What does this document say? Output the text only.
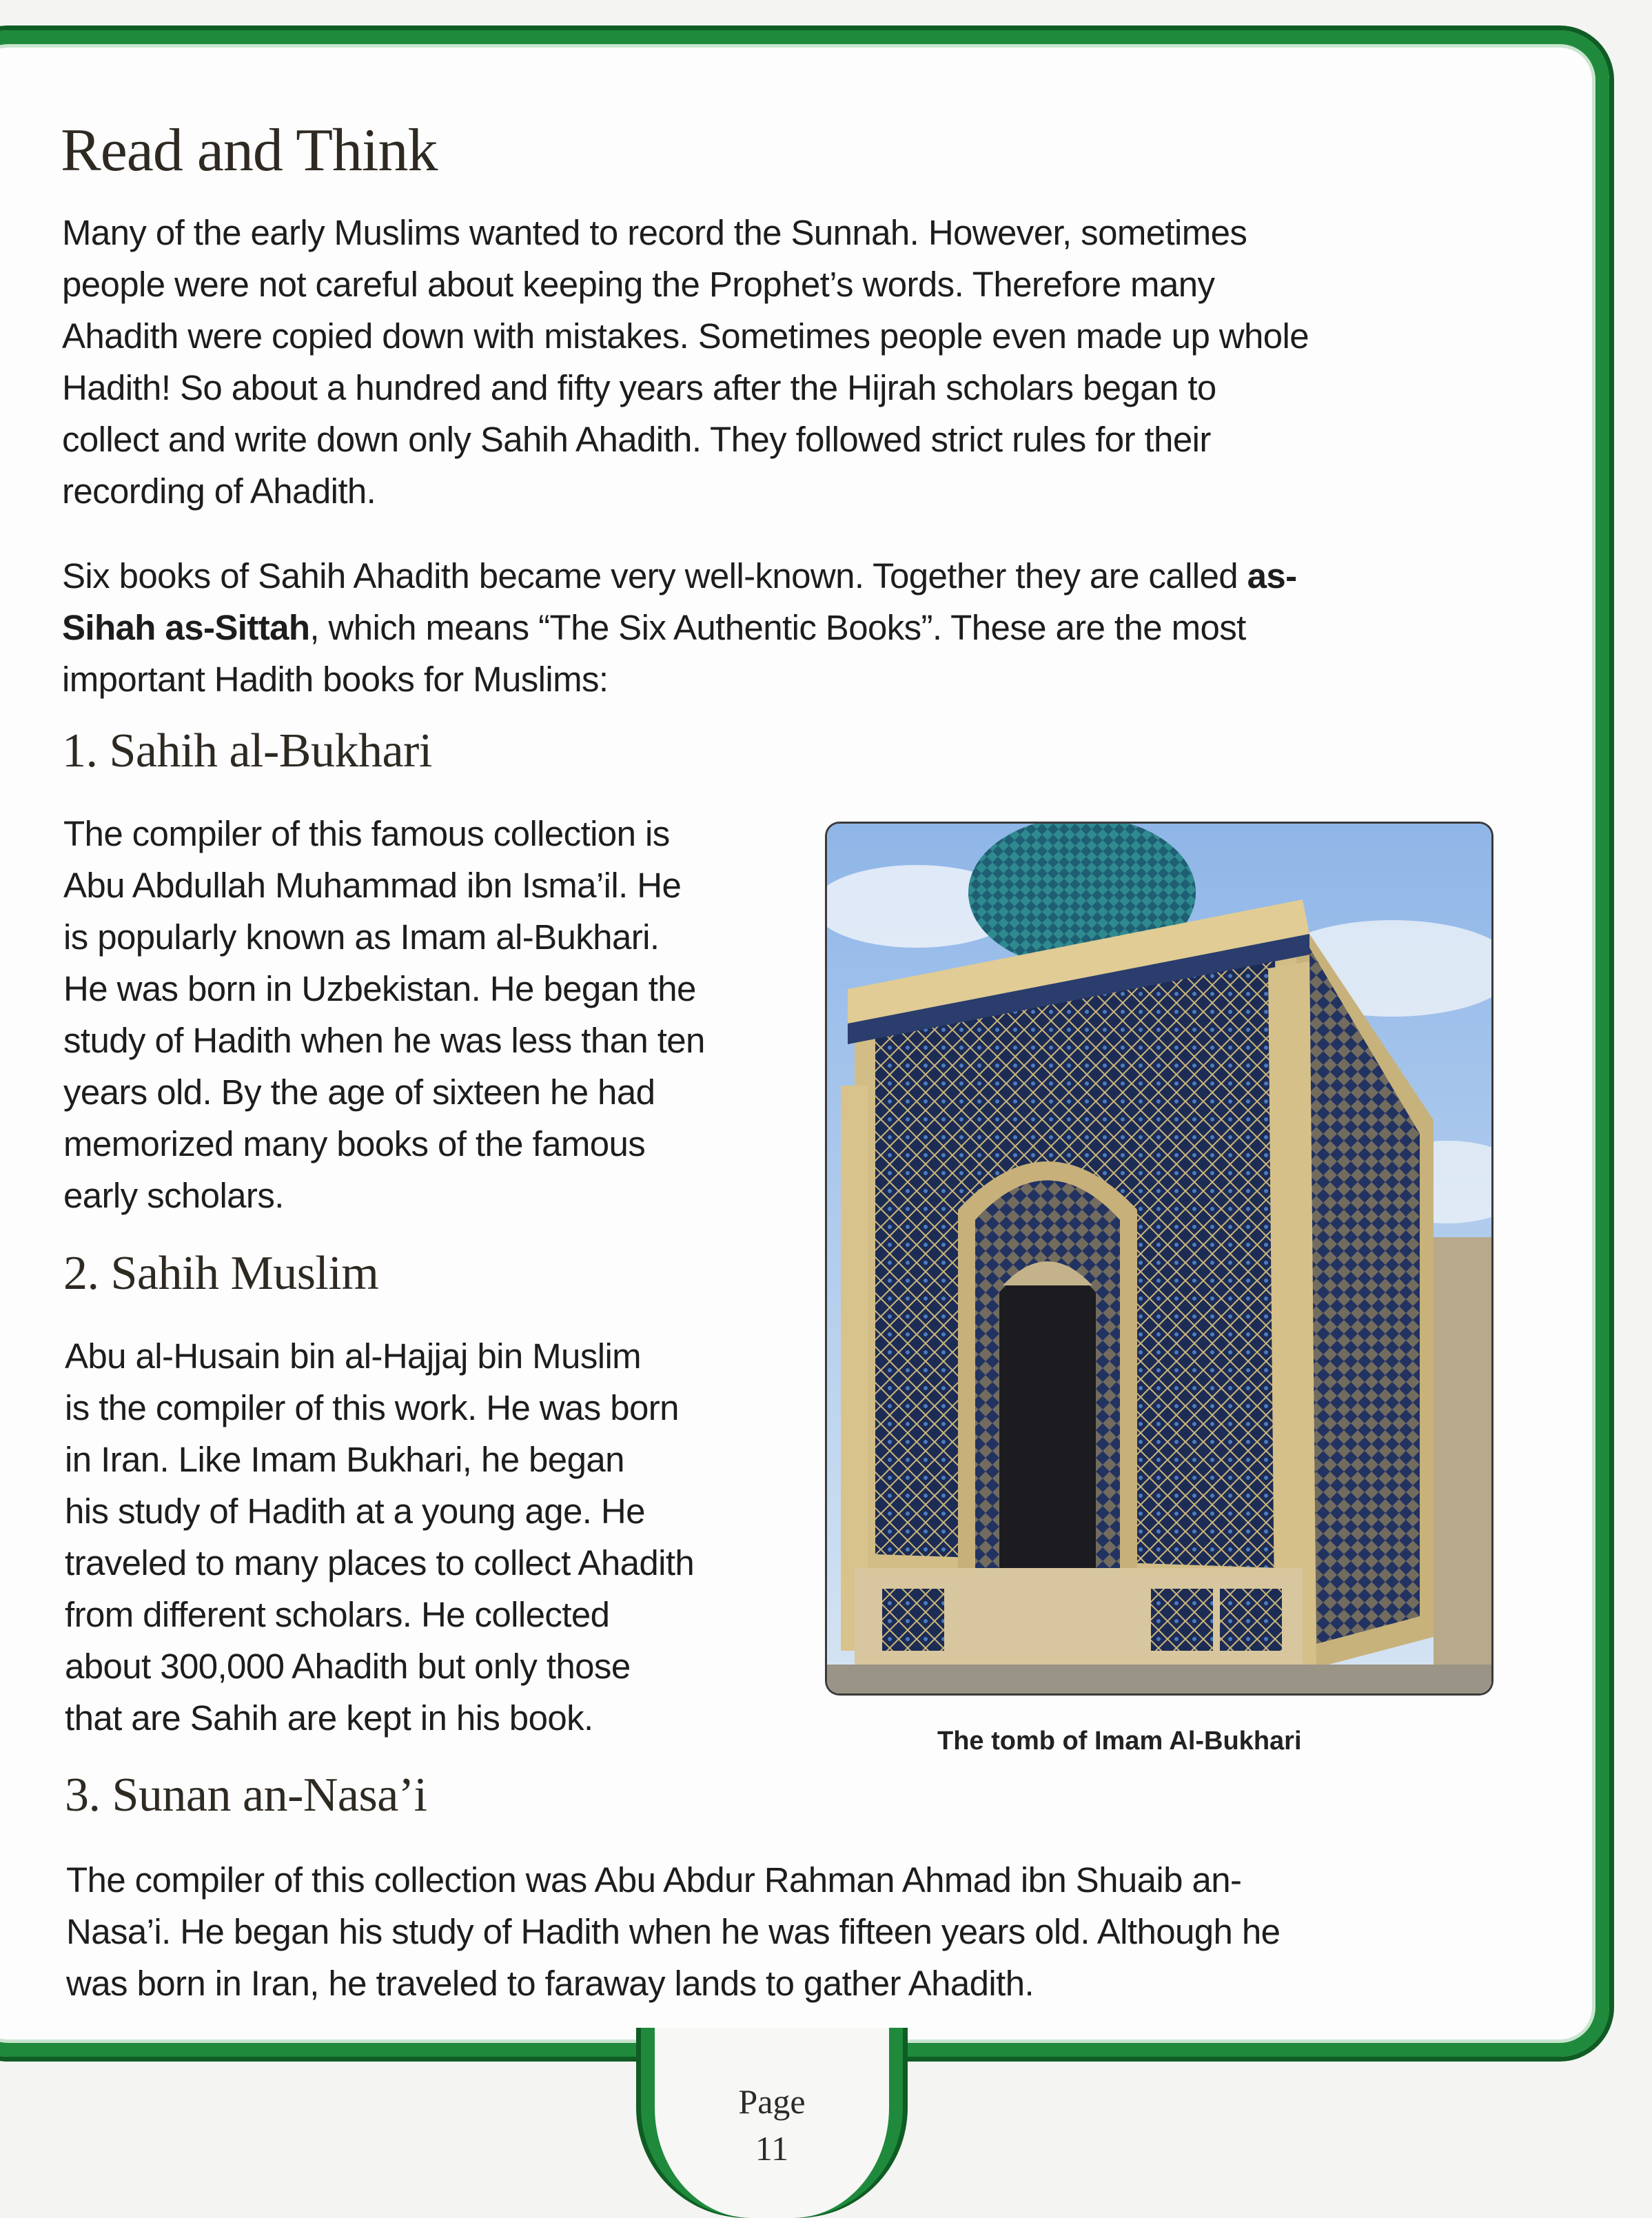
Read and Think
Many of the early Muslims wanted to record the Sunnah. However, sometimes
people were not careful about keeping the Prophet’s words. Therefore many
Ahadith were copied down with mistakes. Sometimes people even made up whole
Hadith! So about a hundred and fifty years after the Hijrah scholars began to
collect and write down only Sahih Ahadith. They followed strict rules for their
recording of Ahadith.
Six books of Sahih Ahadith became very well-known. Together they are called as-
Sihah as-Sittah, which means “The Six Authentic Books”. These are the most
important Hadith books for Muslims:
1. Sahih al-Bukhari
The compiler of this famous collection is
Abu Abdullah Muhammad ibn Isma’il. He
is popularly known as Imam al-Bukhari.
He was born in Uzbekistan. He began the
study of Hadith when he was less than ten
years old. By the age of sixteen he had
memorized many books of the famous
early scholars.
2. Sahih Muslim
Abu al-Husain bin al-Hajjaj bin Muslim
is the compiler of this work. He was born
in Iran. Like Imam Bukhari, he began
his study of Hadith at a young age. He
traveled to many places to collect Ahadith
from different scholars. He collected
about 300,000 Ahadith but only those
that are Sahih are kept in his book.
3. Sunan an-Nasa’i
The compiler of this collection was Abu Abdur Rahman Ahmad ibn Shuaib an-
Nasa’i. He began his study of Hadith when he was fifteen years old. Although he
was born in Iran, he traveled to faraway lands to gather Ahadith.
The tomb of Imam Al-Bukhari
Page
11
